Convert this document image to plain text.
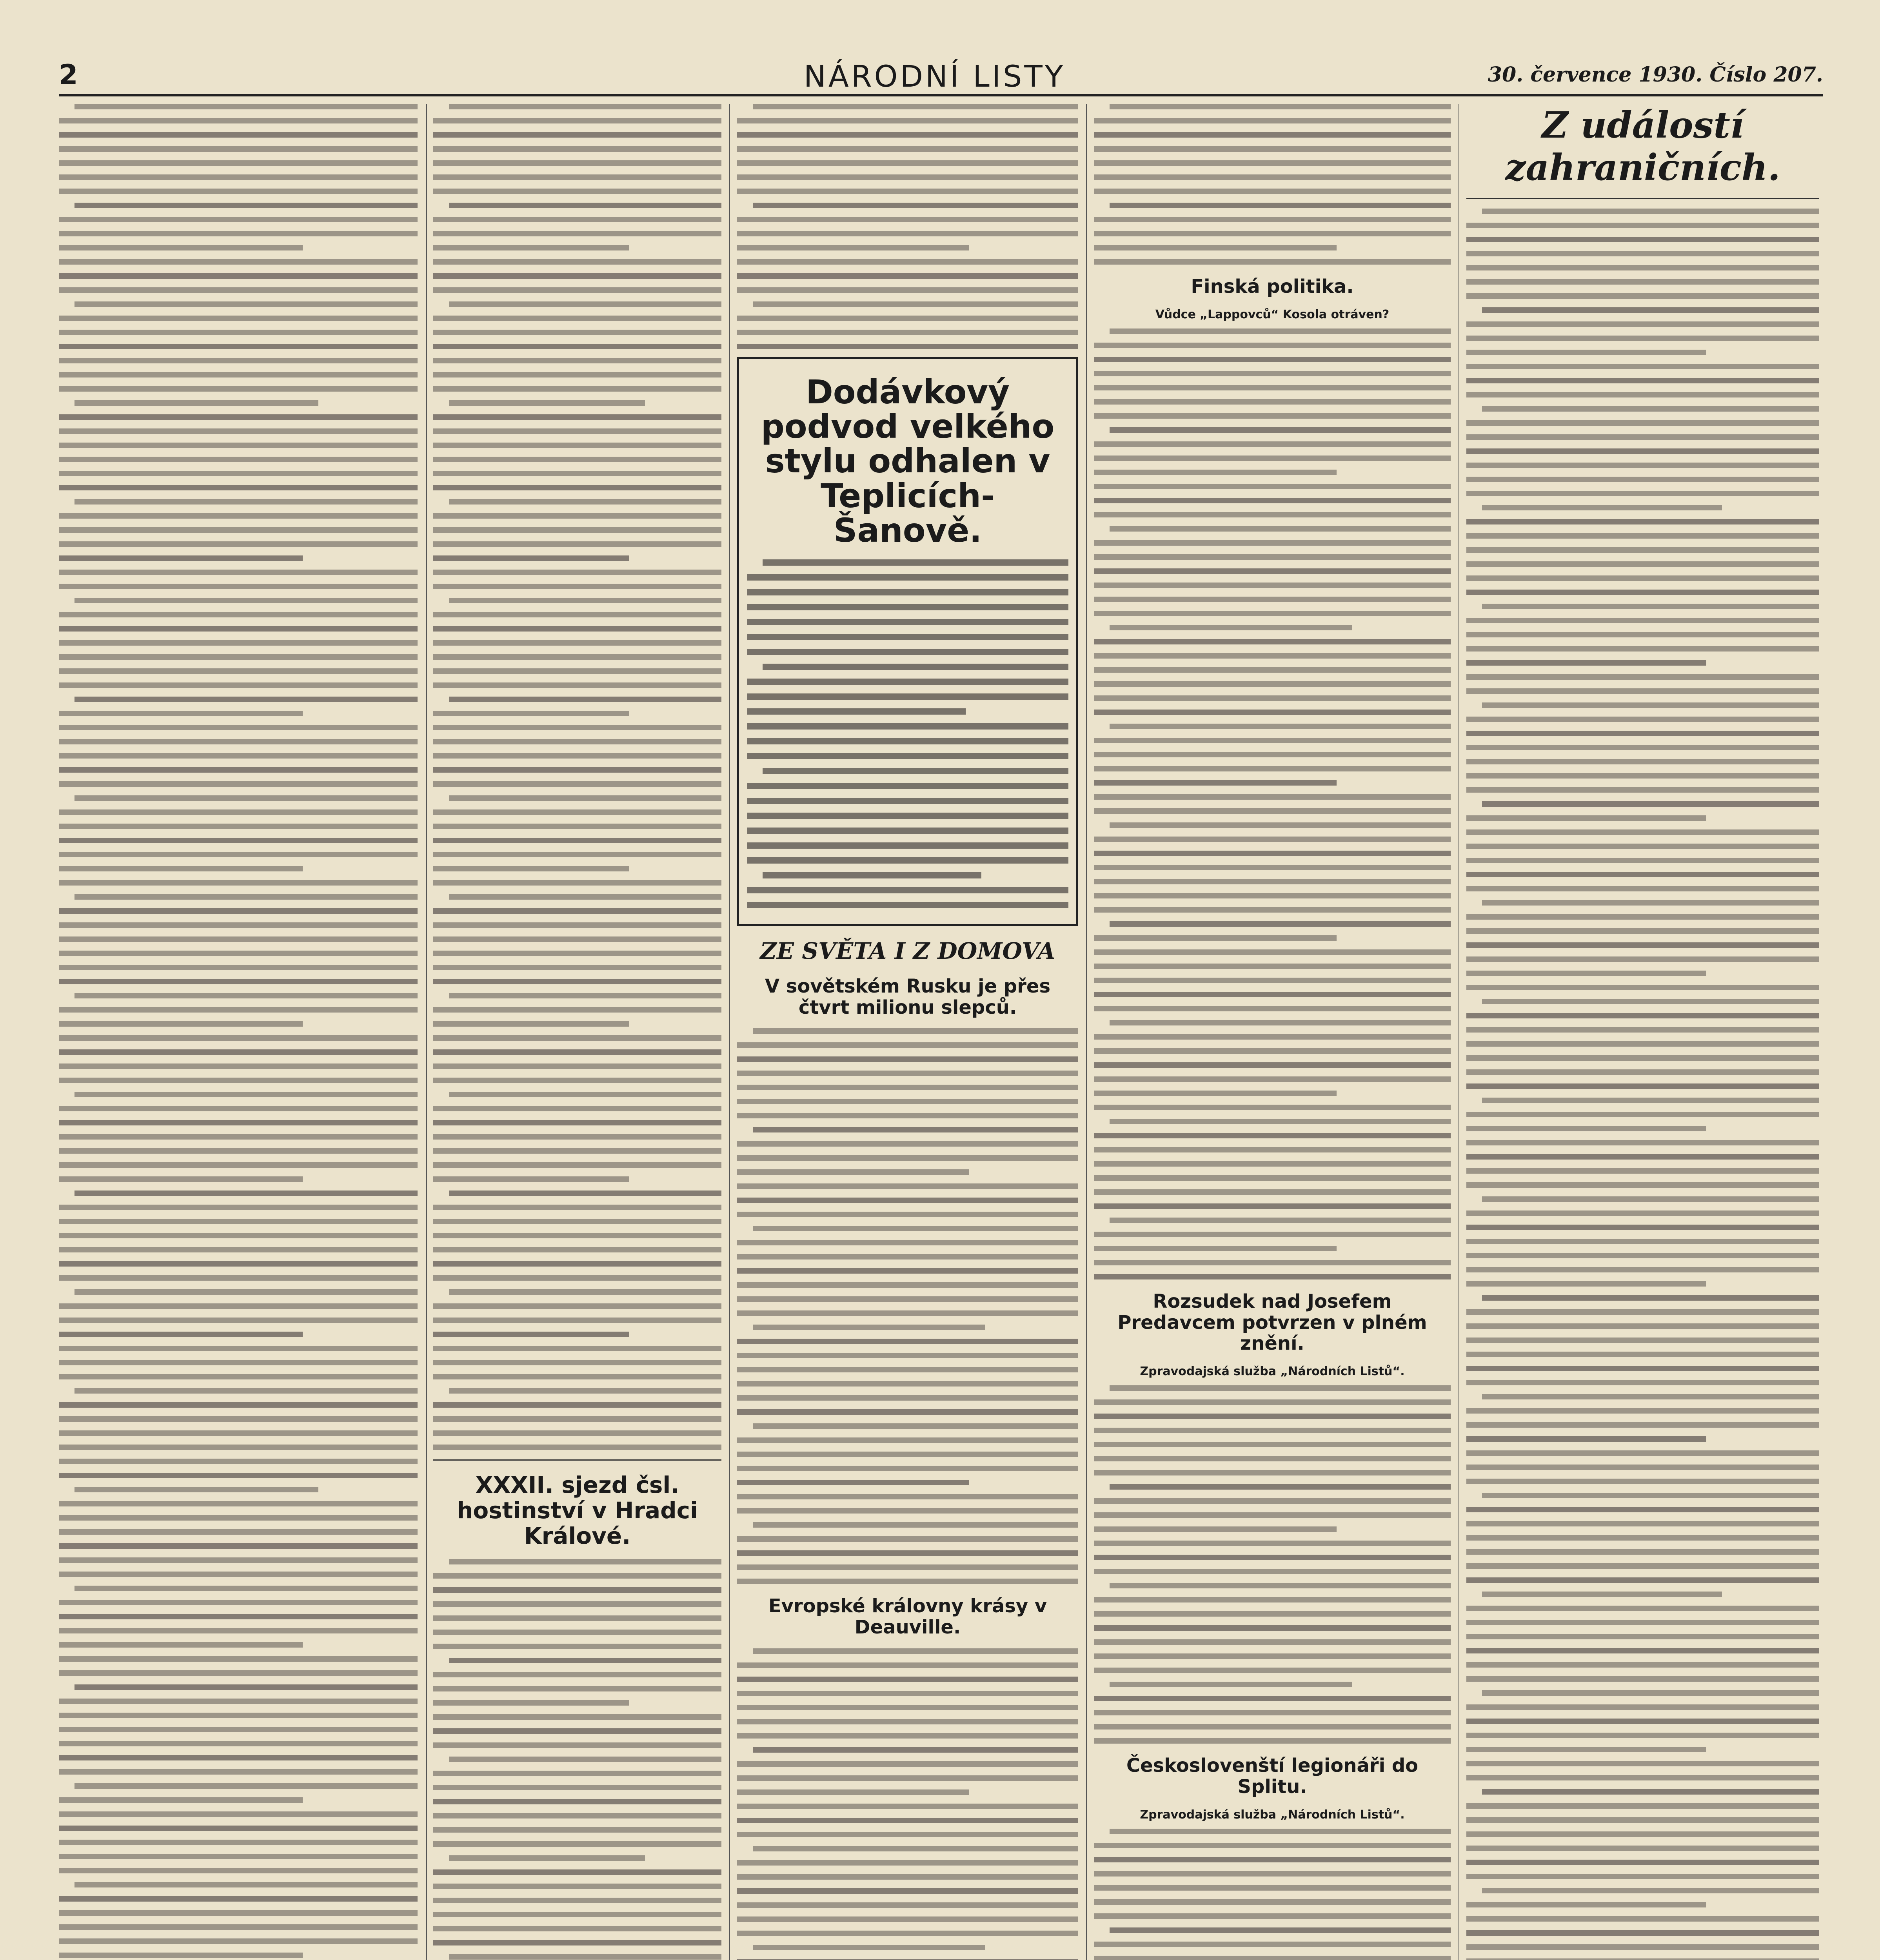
2	NÁRODNÍ LISTY	30. července 1930. Číslo 207.
XXXII. sjezd čsl. hostinství v Hradci Králové.
Dodávkový podvod velkého stylu odhalen v Teplicích-Šanově.
ZE SVĚTA I Z DOMOVA
V sovětském Rusku je přes čtvrt milionu slepců.
Evropské královny krásy v Deauville.
Finská politika.
Vůdce „Lappovců“ Kosola otráven?
Rozsudek nad Josefem Predavcem potvrzen v plném znění.
Zpravodajská služba „Národních Listů“.
Českoslovenští legionáři do Splitu.
Zpravodajská služba „Národních Listů“.
Z událostí zahraničních.
